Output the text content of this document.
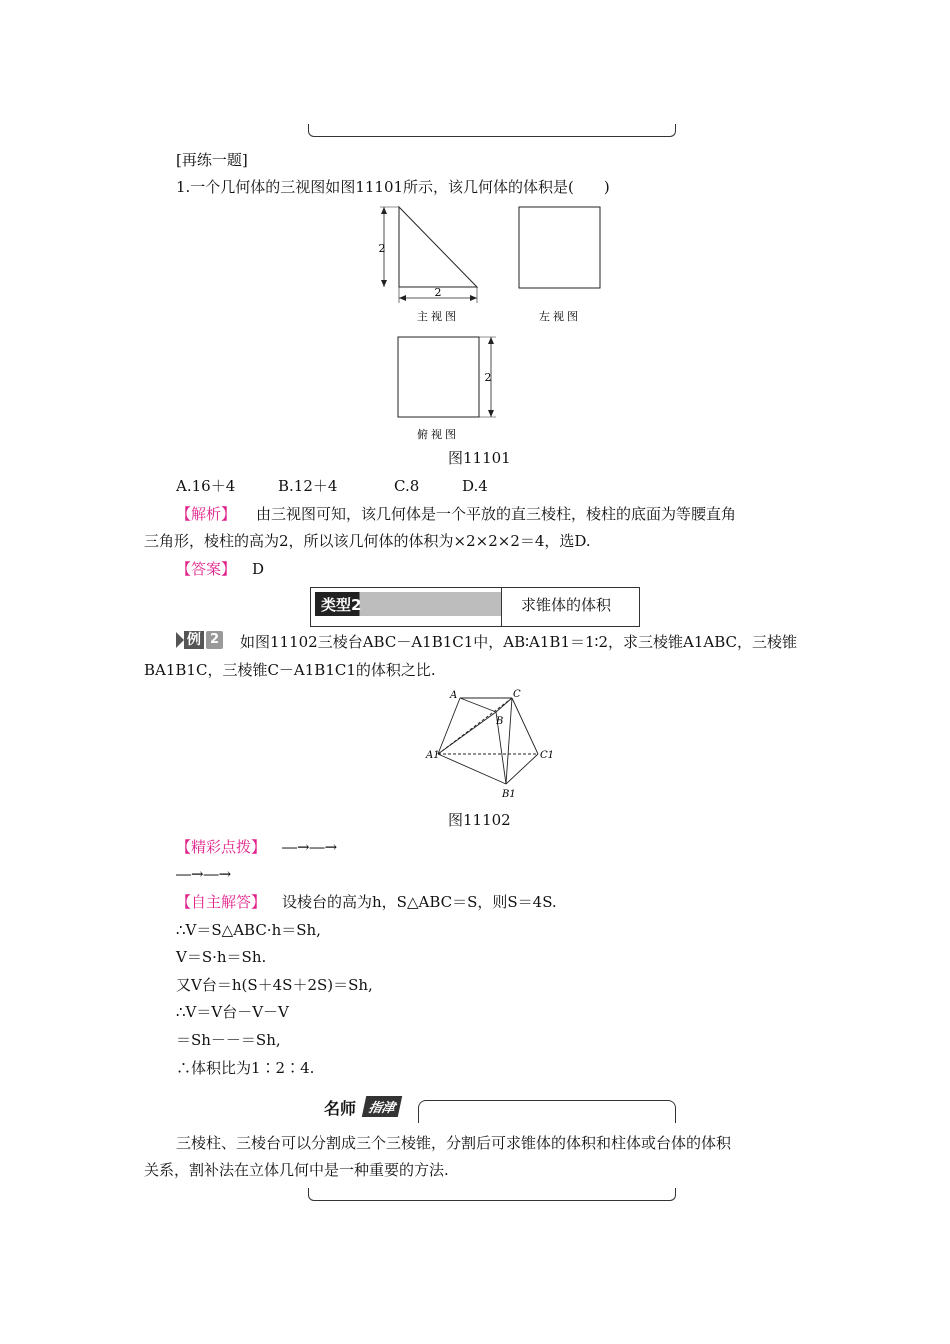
[再练一题]
1.一个几何体的三视图如图11101所示，该几何体的体积是(　　)
2
2
主视图	左视图
2
俯视图
图11101
A.16＋4	B.12＋4	C.8	D.4
【解析】 由三视图可知，该几何体是一个平放的直三棱柱，棱柱的底面为等腰直角
三角形，棱柱的高为2，所以该几何体的体积为×2×2×2＝4，选D.
【答案】 D
类型2	求锥体的体积
例 2 如图11102三棱台ABC－A1B1C1中，AB∶A1B1＝1∶2，求三棱锥A1ABC，三棱锥
BA1B1C，三棱锥C－A1B1C1的体积之比.
A	C
B
A1	C1
B1
图11102
【精彩点拨】 ―→―→
―→―→
【自主解答】 设棱台的高为h，S△ABC＝S，则S＝4S.
∴V＝S△ABC·h＝Sh,
V＝S·h＝Sh.
又V台＝h(S＋4S＋2S)＝Sh,
∴V＝V台－V－V
＝Sh－－＝Sh,
∴体积比为1∶2∶4.
名师 指津
三棱柱、三棱台可以分割成三个三棱锥，分割后可求锥体的体积和柱体或台体的体积
关系，割补法在立体几何中是一种重要的方法.
